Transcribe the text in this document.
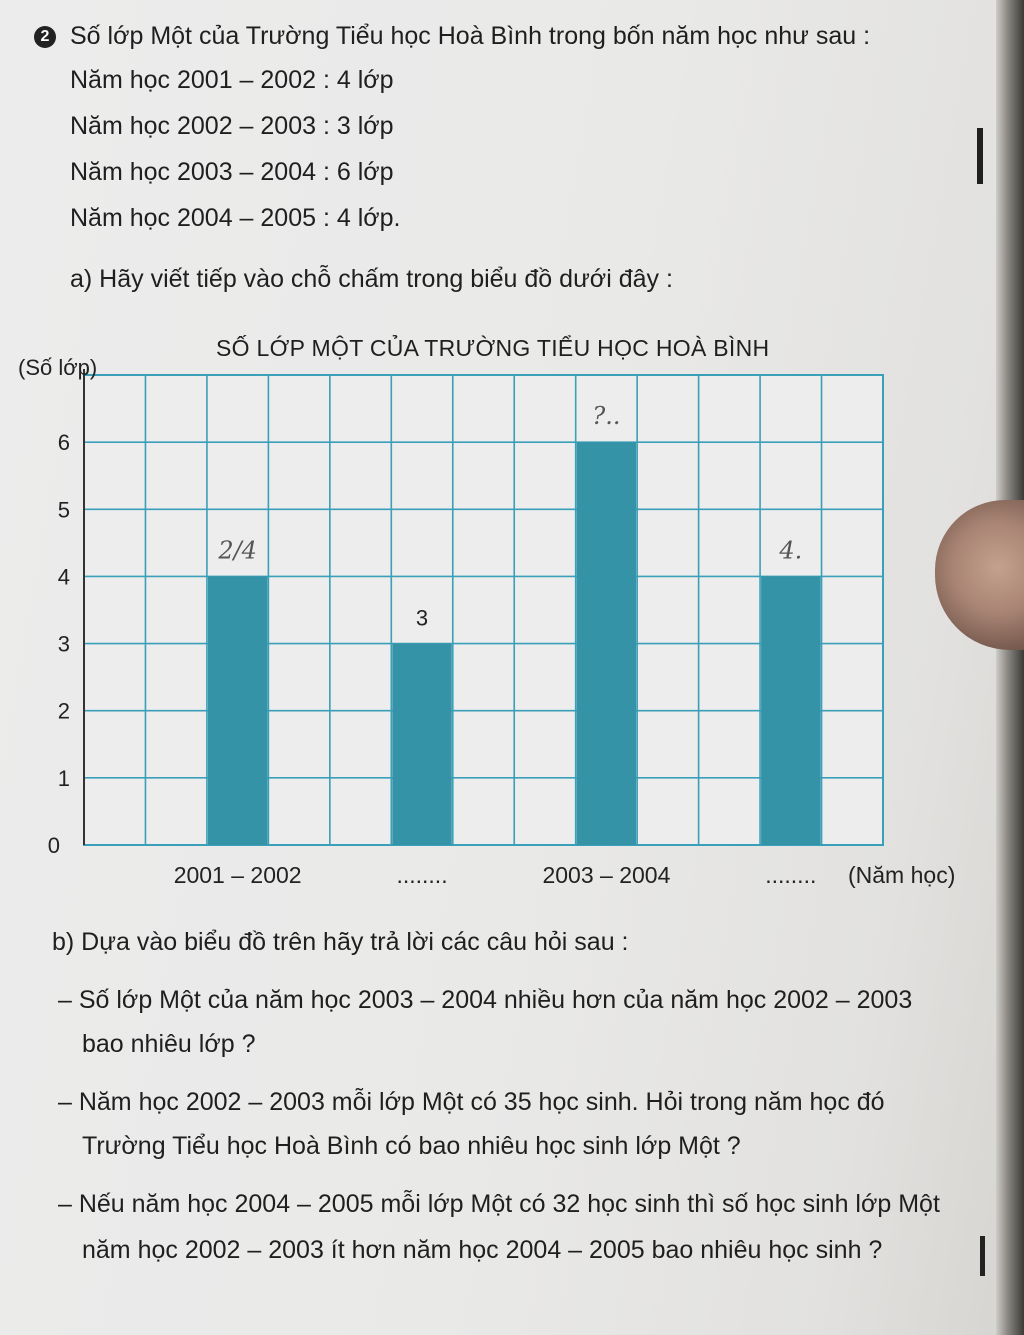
2 Số lớp Một của Trường Tiểu học Hoà Bình trong bốn năm học như sau :
Năm học 2001 – 2002 : 4 lớp
Năm học 2002 – 2003 : 3 lớp
Năm học 2003 – 2004 : 6 lớp
Năm học 2004 – 2005 : 4 lớp.
a) Hãy viết tiếp vào chỗ chấm trong biểu đồ dưới đây :
SỐ LỚP MỘT CỦA TRƯỜNG TIỂU HỌC HOÀ BÌNH
2/4
2001 – 2002
3
........
?..
2003 – 2004
4.
........
0
1
2
3
4
5
6
(Số lớp)
(Năm học)
b) Dựa vào biểu đồ trên hãy trả lời các câu hỏi sau :
– Số lớp Một của năm học 2003 – 2004 nhiều hơn của năm học 2002 – 2003
bao nhiêu lớp ?
– Năm học 2002 – 2003 mỗi lớp Một có 35 học sinh. Hỏi trong năm học đó
Trường Tiểu học Hoà Bình có bao nhiêu học sinh lớp Một ?
– Nếu năm học 2004 – 2005 mỗi lớp Một có 32 học sinh thì số học sinh lớp Một
năm học 2002 – 2003 ít hơn năm học 2004 – 2005 bao nhiêu học sinh ?
